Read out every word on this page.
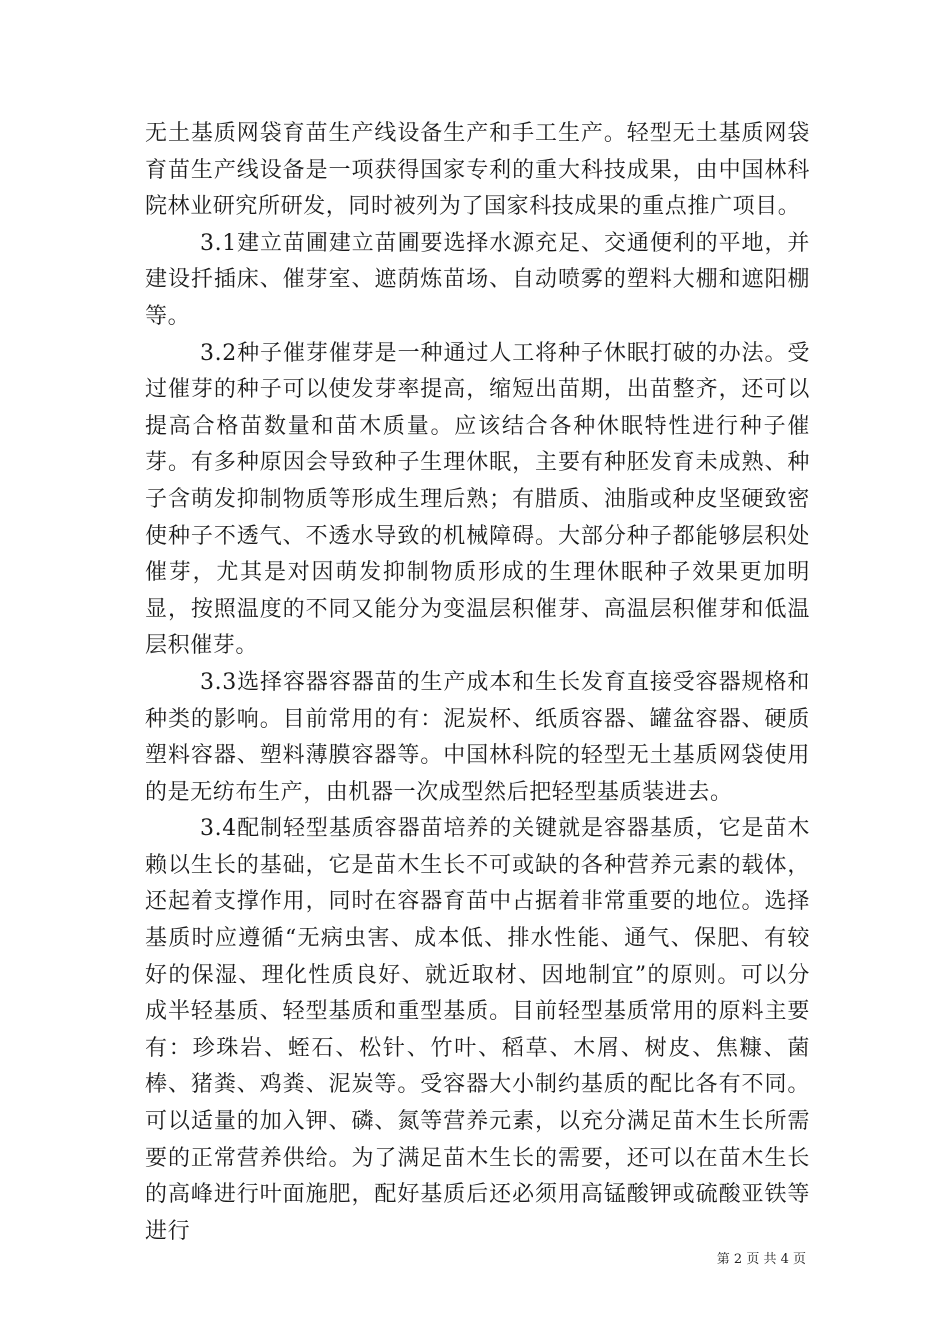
无土基质网袋育苗生产线设备生产和手工生产。轻型无土基质网袋育苗生产线设备是一项获得国家专利的重大科技成果，由中国林科院林业研究所研发，同时被列为了国家科技成果的重点推广项目。

3.1建立苗圃建立苗圃要选择水源充足、交通便利的平地，并建设扦插床、催芽室、遮荫炼苗场、自动喷雾的塑料大棚和遮阳棚等。

3.2种子催芽催芽是一种通过人工将种子休眠打破的办法。受过催芽的种子可以使发芽率提高，缩短出苗期，出苗整齐，还可以提高合格苗数量和苗木质量。应该结合各种休眠特性进行种子催芽。有多种原因会导致种子生理休眠，主要有种胚发育未成熟、种子含萌发抑制物质等形成生理后熟；有腊质、油脂或种皮坚硬致密使种子不透气、不透水导致的机械障碍。大部分种子都能够层积处催芽，尤其是对因萌发抑制物质形成的生理休眠种子效果更加明显，按照温度的不同又能分为变温层积催芽、高温层积催芽和低温层积催芽。

3.3选择容器容器苗的生产成本和生长发育直接受容器规格和种类的影响。目前常用的有：泥炭杯、纸质容器、罐盆容器、硬质塑料容器、塑料薄膜容器等。中国林科院的轻型无土基质网袋使用的是无纺布生产，由机器一次成型然后把轻型基质装进去。

3.4配制轻型基质容器苗培养的关键就是容器基质，它是苗木赖以生长的基础，它是苗木生长不可或缺的各种营养元素的载体，还起着支撑作用，同时在容器育苗中占据着非常重要的地位。选择基质时应遵循“无病虫害、成本低、排水性能、通气、保肥、有较好的保湿、理化性质良好、就近取材、因地制宜”的原则。可以分成半轻基质、轻型基质和重型基质。目前轻型基质常用的原料主要有：珍珠岩、蛭石、松针、竹叶、稻草、木屑、树皮、焦糠、菌棒、猪粪、鸡粪、泥炭等。受容器大小制约基质的配比各有不同。可以适量的加入钾、磷、氮等营养元素，以充分满足苗木生长所需要的正常营养供给。为了满足苗木生长的需要，还可以在苗木生长的高峰进行叶面施肥，配好基质后还必须用高锰酸钾或硫酸亚铁等进行

第 2 页 共 4 页
